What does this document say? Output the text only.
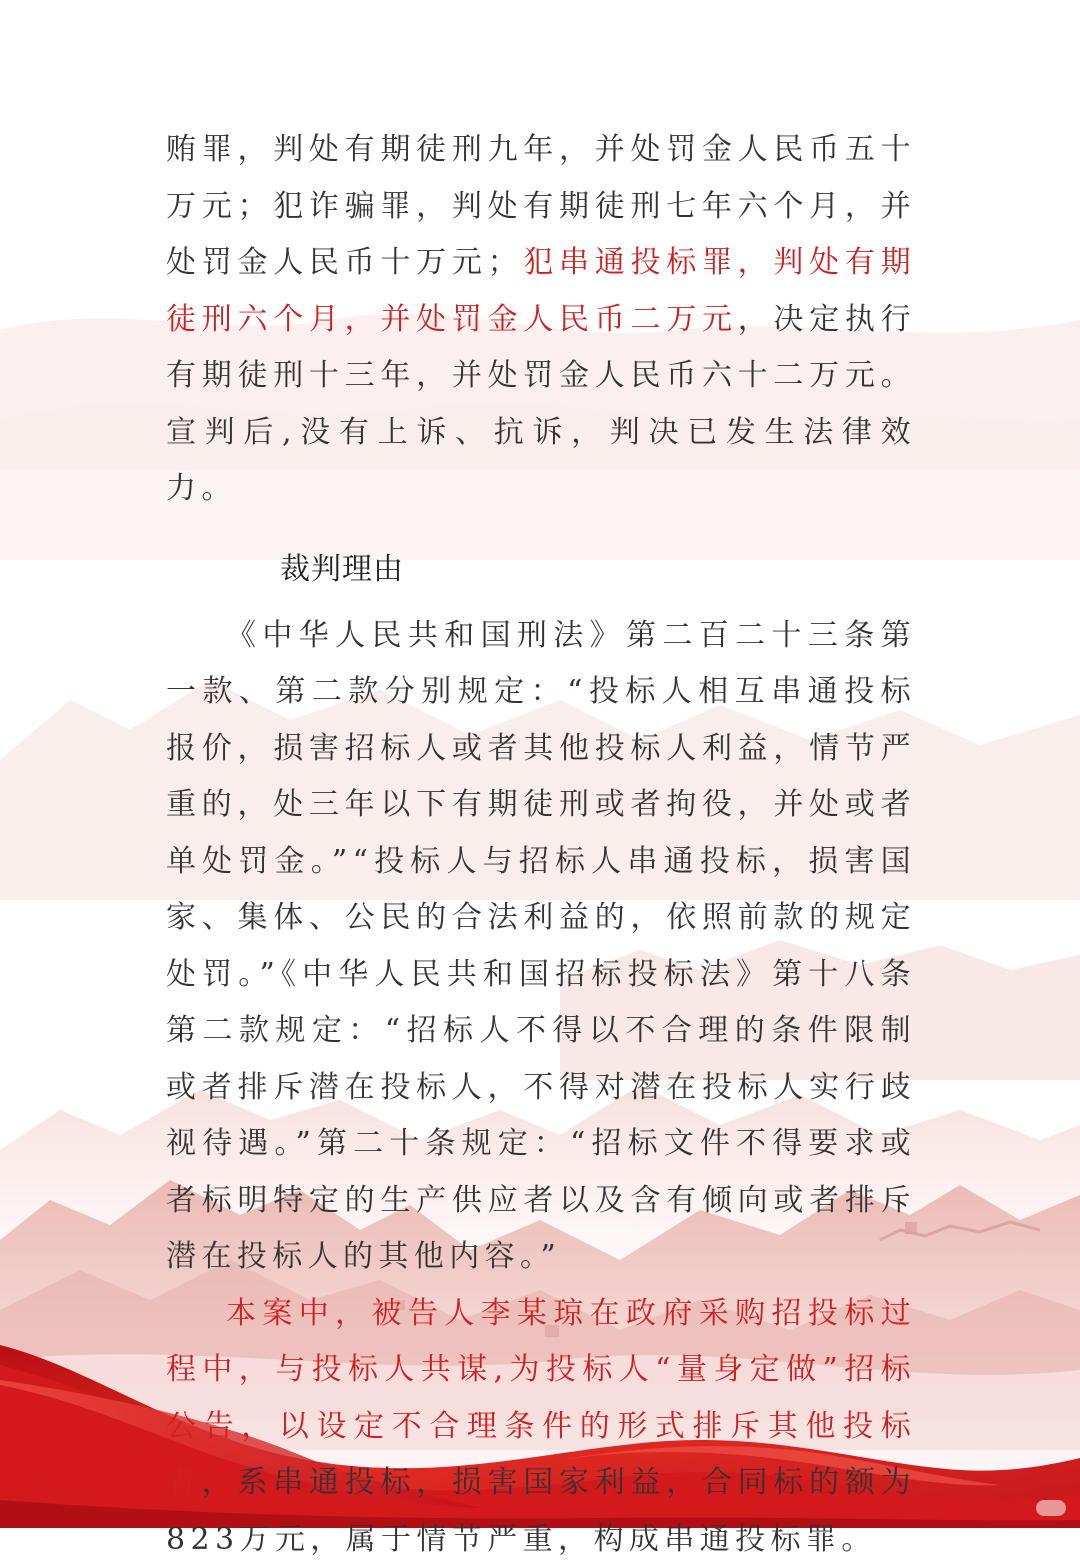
贿罪，判处有期徒刑九年，并处罚金人民币五十万元；犯诈骗罪，判处有期徒刑七年六个月，并处罚金人民币十万元；犯串通投标罪，判处有期徒刑六个月，并处罚金人民币二万元，决定执行有期徒刑十三年，并处罚金人民币六十二万元。宣判后,没有上诉、抗诉，判决已发生法律效力。

裁判理由

《中华人民共和国刑法》第二百二十三条第一款、第二款分别规定：“投标人相互串通投标报价，损害招标人或者其他投标人利益，情节严重的，处三年以下有期徒刑或者拘役，并处或者单处罚金。”“投标人与招标人串通投标，损害国家、集体、公民的合法利益的，依照前款的规定处罚。”《中华人民共和国招标投标法》第十八条第二款规定：“招标人不得以不合理的条件限制或者排斥潜在投标人，不得对潜在投标人实行歧视待遇。”第二十条规定：“招标文件不得要求或者标明特定的生产供应者以及含有倾向或者排斥潜在投标人的其他内容。”

本案中，被告人李某琼在政府采购招投标过程中，与投标人共谋,为投标人“量身定做”招标公告，以设定不合理条件的形式排斥其他投标者，系串通投标，损害国家利益，合同标的额为823万元，属于情节严重，构成串通投标罪。
